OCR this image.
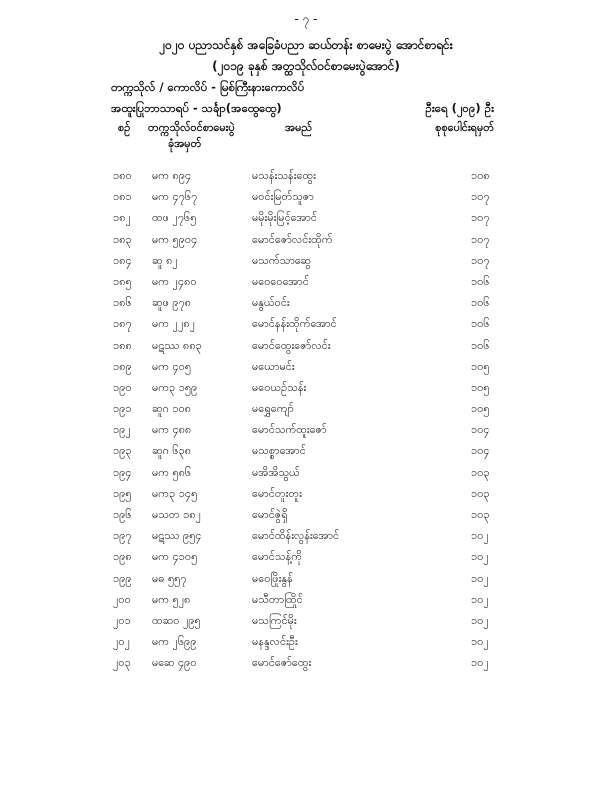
- ၇ -
၂၀၂၀ ပညာသင်နှစ် အခြေခံပညာ ဆယ်တန်း စာမေးပွဲ အောင်စာရင်း
(၂၀၁၉ ခုနှစ် အတ္ထသိုလ်ဝင်စာမေးပွဲအောင်)
တက္ကသိုလ် / ကောလိပ် - မြစ်ကြီးနားကောလိပ်
အထူးပြုဘာသာရပ် - သင်္ချာ(အထွေထွေ)	ဦးရေ (၂၀၉) ဦး
စဉ် တက္ကသိုလ်ဝင်စာမေးပွဲ
ခုံအမှတ်
အမည်	စုစုပေါင်းရမှတ်
၁၈၀ မက ၈၉၄	မသန်းသန်းထွေး	၁၀၈
၁၈၁ မက ၄၇၆၇	မဝင်းမြတ်သူဇာ	၁၀၇
၁၈၂ ထဖ ၂၇၆၅	မမိုးမိုးမြင့်အောင်	၁၀၇
၁၈၃ မက ၅၉၀၄	မောင်ဇော်လင်းထိုက်	၁၀၇
၁၈၄ ဆူ ၈၂	မသက်သာဆွေ	၁၀၇
၁၈၅ မက ၂၄၈၀	မဝေဝေအောင်	၁၀၆
၁၈၆ ဆူဖ ၉၇၈	မနွယ်ဝင်း	၁၀၆
၁၈၇ မက ၂၂၈၂	မောင်နန်းထိုက်အောင်	၁၀၆
၁၈၈ မဋဿ ၈၈၃	မောင်ထွေးဇော်လင်း	၁၀၆
၁၈၉ မက ၄၀၅	မယောမင်း	၁၀၅
၁၉၀ မက၃ ၁၅၉	မဝေယဉ်သန်း	၁၀၅
၁၉၁ ဆူဂ ၁၀၈	မရွှေကျော်	၁၀၅
၁၉၂ မက ၄၈၈	မောင်သက်ထူးဇော်	၁၀၄
၁၉၃ ဆူဂ ၆၃၈	မသစ္စာအောင်	၁၀၄
၁၉၄ မက ၅၈၆	မအိအိသွယ်	၁၀၃
၁၉၅ မက၃ ၁၄၅	မောင်တူးတူး	၁၀၃
၁၉၆ မသတ ၁၈၂	မောင်ဇွဲရှိ	၁၀၃
၁၉၇ မဋဿ ၉၅၄	မောင်ထိန်းလွန်းအောင်	၁၀၂
၁၉၈ မက ၄၁၀၅	မောင်သန့်ကို	၁၀၂
၁၉၉ မဓ ၅၅၇	မဝေဖြိုးနွန်	၁၀၂
၂၀၀ မက ၅၂၈	မသီတာထြိုင်	၁၀၂
၂၀၁ ထဆ၀ ၂၉၅	မသကြင်မိုး	၁၀၂
၂၀၂ မက ၂၆၉၉	မနန္ဒလင်းဦး	၁၀၂
၂၀၃ မဆေ ၄၉၀	မောင်ဇော်ထွေး	၁၀၂
